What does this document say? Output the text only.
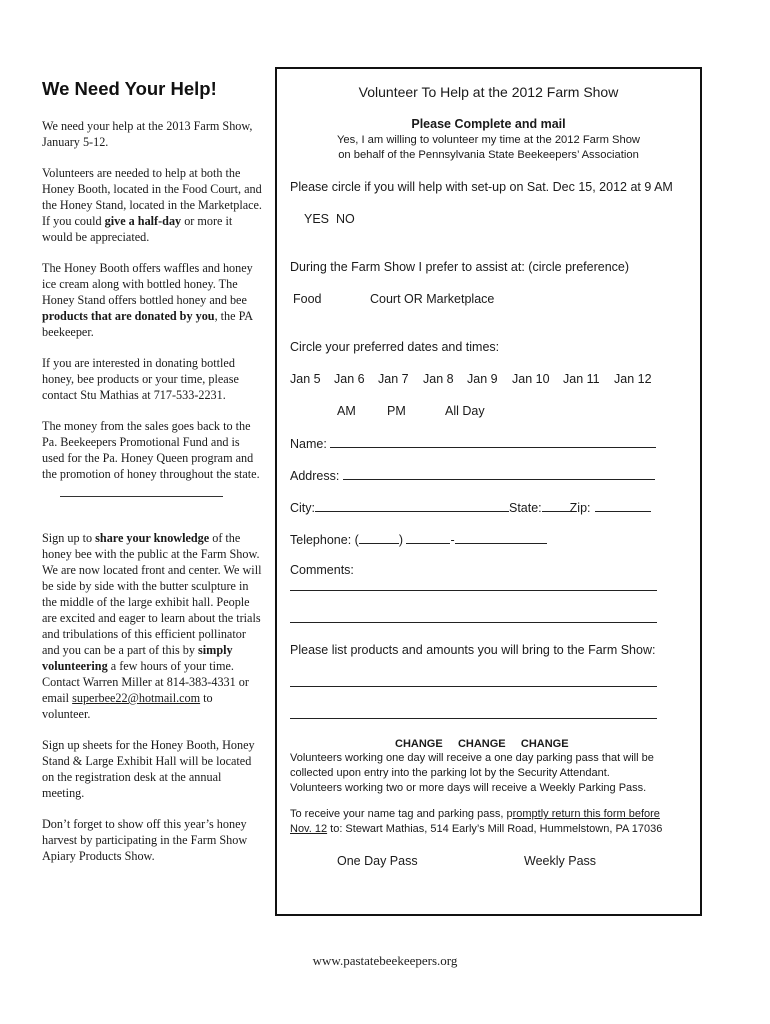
We Need Your Help!

We need your help at the 2013 Farm Show, January 5-12.

Volunteers are needed to help at both the Honey Booth, located in the Food Court, and the Honey Stand, located in the Marketplace. If you could give a half-day or more it would be appreciated.

The Honey Booth offers waffles and honey ice cream along with bottled honey. The Honey Stand offers bottled honey and bee products that are donated by you, the PA beekeeper.

If you are interested in donating bottled honey, bee products or your time, please contact Stu Mathias at 717-533-2231.

The money from the sales goes back to the Pa. Beekeepers Promotional Fund and is used for the Pa. Honey Queen program and the promotion of honey throughout the state.

Sign up to share your knowledge of the honey bee with the public at the Farm Show. We are now located front and center. We will be side by side with the butter sculpture in the middle of the large exhibit hall. People are excited and eager to learn about the trials and tribulations of this efficient pollinator and you can be a part of this by simply volunteering a few hours of your time. Contact Warren Miller at 814-383-4331 or email superbee22@hotmail.com to volunteer.

Sign up sheets for the Honey Booth, Honey Stand & Large Exhibit Hall will be located on the registration desk at the annual meeting.

Don’t forget to show off this year’s honey harvest by participating in the Farm Show Apiary Products Show.

Volunteer To Help at the 2012 Farm Show
Please Complete and mail
Yes, I am willing to volunteer my time at the 2012 Farm Show
on behalf of the Pennsylvania State Beekeepers’ Association
Please circle if you will help with set-up on Sat. Dec 15, 2012 at 9 AM
YES NO
During the Farm Show I prefer to assist at: (circle preference)
Food	Court OR Marketplace
Circle your preferred dates and times:
Jan 5 Jan 6 Jan 7 Jan 8 Jan 9 Jan 10 Jan 11 Jan 12
AM	PM	All Day
Name:
Address:
City:	State: Zip:
Telephone: (	)	-
Comments:
Please list products and amounts you will bring to the Farm Show:
CHANGE CHANGE CHANGE
Volunteers working one day will receive a one day parking pass that will be
collected upon entry into the parking lot by the Security Attendant.
Volunteers working two or more days will receive a Weekly Parking Pass.
To receive your name tag and parking pass, promptly return this form before
Nov. 12 to: Stewart Mathias, 514 Early’s Mill Road, Hummelstown, PA 17036
One Day Pass	Weekly Pass
www.pastatebeekeepers.org
